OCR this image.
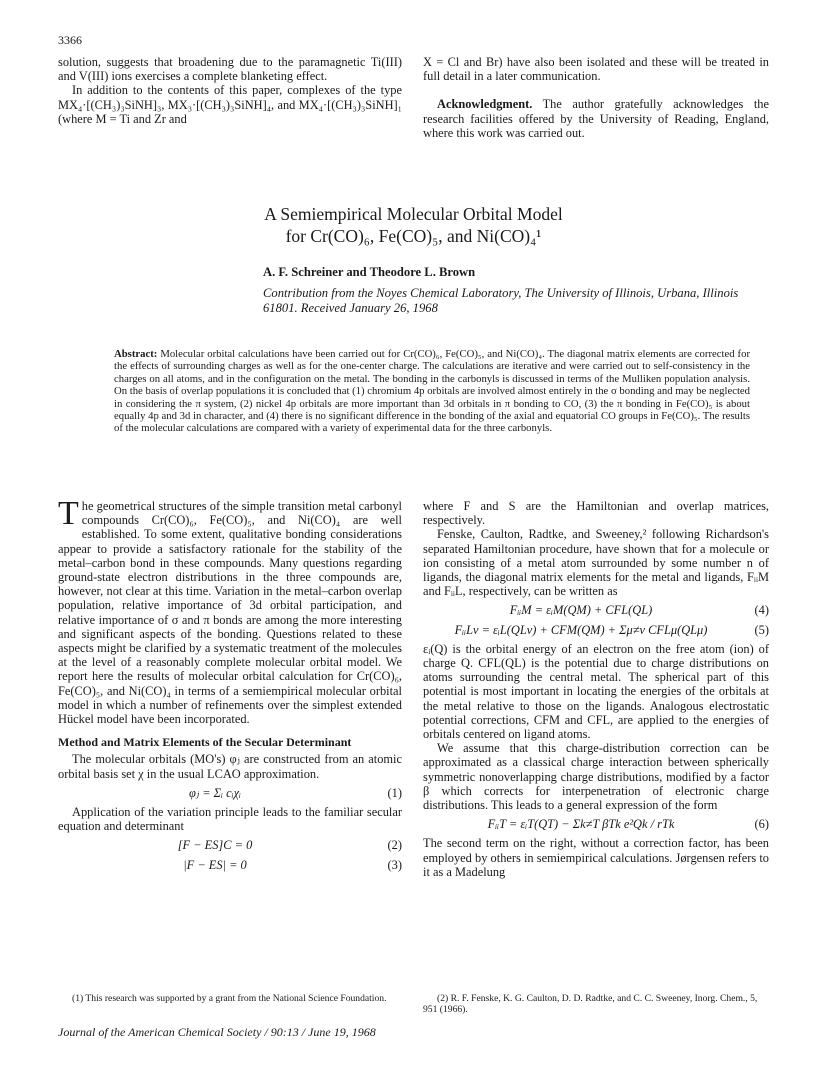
3366

solution, suggests that broadening due to the paramagnetic Ti(III) and V(III) ions exercises a complete blanketing effect.

In addition to the contents of this paper, complexes of the type MX₄·[(CH₃)₃SiNH]₃, MX₃·[(CH₃)₃SiNH]₄, and MX₄·[(CH₃)₃SiNH]₁ (where M = Ti and Zr and

X = Cl and Br) have also been isolated and these will be treated in full detail in a later communication.

Acknowledgment. The author gratefully acknowledges the research facilities offered by the University of Reading, England, where this work was carried out.

A Semiempirical Molecular Orbital Model
for Cr(CO)₆, Fe(CO)₅, and Ni(CO)₄¹
A. F. Schreiner and Theodore L. Brown
Contribution from the Noyes Chemical Laboratory, The University of Illinois, Urbana, Illinois 61801. Received January 26, 1968
Abstract: Molecular orbital calculations have been carried out for Cr(CO)₆, Fe(CO)₅, and Ni(CO)₄. The diagonal matrix elements are corrected for the effects of surrounding charges as well as for the one-center charge. The calculations are iterative and were carried out to self-consistency in the charges on all atoms, and in the configuration on the metal. The bonding in the carbonyls is discussed in terms of the Mulliken population analysis. On the basis of overlap populations it is concluded that (1) chromium 4p orbitals are involved almost entirely in the σ bonding and may be neglected in considering the π system, (2) nickel 4p orbitals are more important than 3d orbitals in π bonding to CO, (3) the π bonding in Fe(CO)₅ is about equally 4p and 3d in character, and (4) there is no significant difference in the bonding of the axial and equatorial CO groups in Fe(CO)₅. The results of the molecular calculations are compared with a variety of experimental data for the three carbonyls.

The geometrical structures of the simple transition metal carbonyl compounds Cr(CO)₆, Fe(CO)₅, and Ni(CO)₄ are well established. To some extent, qualitative bonding considerations appear to provide a satisfactory rationale for the stability of the metal–carbon bond in these compounds. Many questions regarding ground-state electron distributions in the three compounds are, however, not clear at this time. Variation in the metal–carbon overlap population, relative importance of 3d orbital participation, and relative importance of σ and π bonds are among the more interesting and significant aspects of the bonding. Questions related to these aspects might be clarified by a systematic treatment of the molecules at the level of a reasonably complete molecular orbital model. We report here the results of molecular orbital calculation for Cr(CO)₆, Fe(CO)₅, and Ni(CO)₄ in terms of a semiempirical molecular orbital model in which a number of refinements over the simplest extended Hückel model have been incorporated.

Method and Matrix Elements of the Secular Determinant

The molecular orbitals (MO's) φⱼ are constructed from an atomic orbital basis set χ in the usual LCAO approximation.

φⱼ = Σᵢ cᵢχᵢ	(1)

Application of the variation principle leads to the familiar secular equation and determinant

[F − ES]C = 0	(2)
|F − ES| = 0	(3)
(1) This research was supported by a grant from the National Science Foundation.

where F and S are the Hamiltonian and overlap matrices, respectively.

Fenske, Caulton, Radtke, and Sweeney,² following Richardson's separated Hamiltonian procedure, have shown that for a molecule or ion consisting of a metal atom surrounded by some number n of ligands, the diagonal matrix elements for the metal and ligands, FᵢᵢM and FᵢᵢL, respectively, can be written as

FᵢᵢM = εᵢM(QM) + CFL(QL)	(4)
FᵢᵢLν = εᵢL(QLν) + CFM(QM) + Σμ≠ν CFLμ(QLμ)	(5)

εᵢ(Q) is the orbital energy of an electron on the free atom (ion) of charge Q. CFL(QL) is the potential due to charge distributions on atoms surrounding the central metal. The spherical part of this potential is most important in locating the energies of the orbitals at the metal relative to those on the ligands. Analogous electrostatic potential corrections, CFM and CFL, are applied to the energies of orbitals centered on ligand atoms.

We assume that this charge-distribution correction can be approximated as a classical charge interaction between spherically symmetric nonoverlapping charge distributions, modified by a factor β which corrects for interpenetration of electronic charge distributions. This leads to a general expression of the form

FᵢᵢT = εᵢT(QT) − Σk≠T βTk e²Qk / rTk	(6)

The second term on the right, without a correction factor, has been employed by others in semiempirical calculations. Jørgensen refers to it as a Madelung

(2) R. F. Fenske, K. G. Caulton, D. D. Radtke, and C. C. Sweeney, Inorg. Chem., 5, 951 (1966).
Journal of the American Chemical Society / 90:13 / June 19, 1968
